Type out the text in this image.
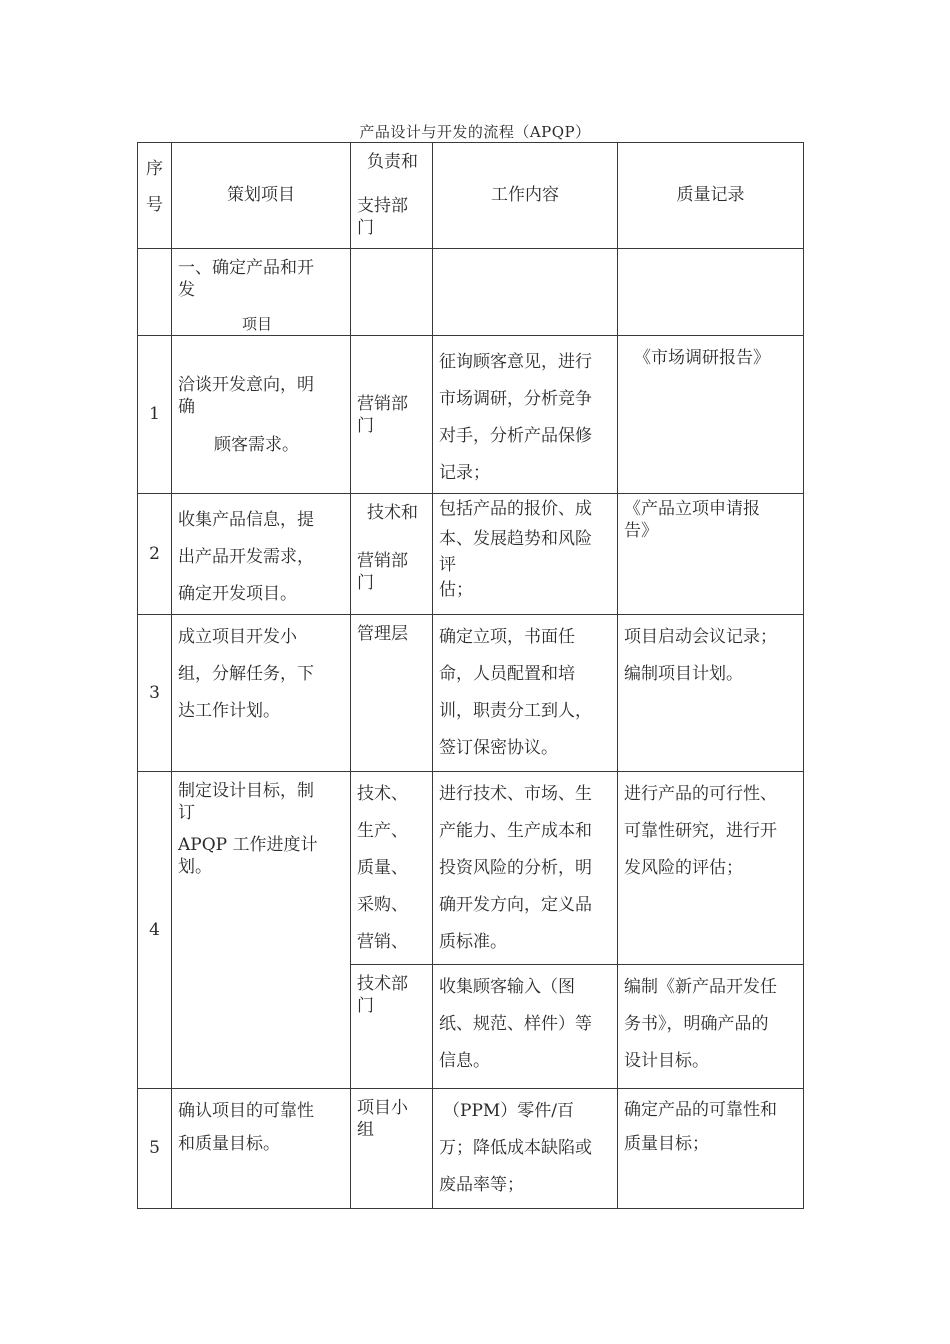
产品设计与开发的流程（APQP）
序
号	策划项目	负责和
支持部
门	工作内容	质量记录

	一、确定产品和开
发
项目			

1	洽谈开发意向，明
确
顾客需求。	营销部
门	征询顾客意见，进行
市场调研，分析竞争
对手，分析产品保修
记录；	《市场调研报告》

2	收集产品信息，提
出产品开发需求，
确定开发项目。	技术和
营销部
门	包括产品的报价、成
本、发展趋势和风险
评
估；	《产品立项申请报
告》

3	成立项目开发小
组，分解任务，下
达工作计划。	管理层	确定立项，书面任
命，人员配置和培
训，职责分工到人，
签订保密协议。	项目启动会议记录；
编制项目计划。

4	制定设计目标，制
订
APQP 工作进度计
划。	技术、
生产、
质量、
采购、
营销、	进行技术、市场、生
产能力、生产成本和
投资风险的分析，明
确开发方向，定义品
质标准。	进行产品的可行性、
可靠性研究，进行开
发风险的评估；

		技术部
门	收集顾客输入（图
纸、规范、样件）等
信息。	编制《新产品开发任
务书》，明确产品的
设计目标。

5	确认项目的可靠性
和质量目标。	项目小
组	（PPM）零件/百
万；降低成本缺陷或
废品率等；	确定产品的可靠性和
质量目标；
